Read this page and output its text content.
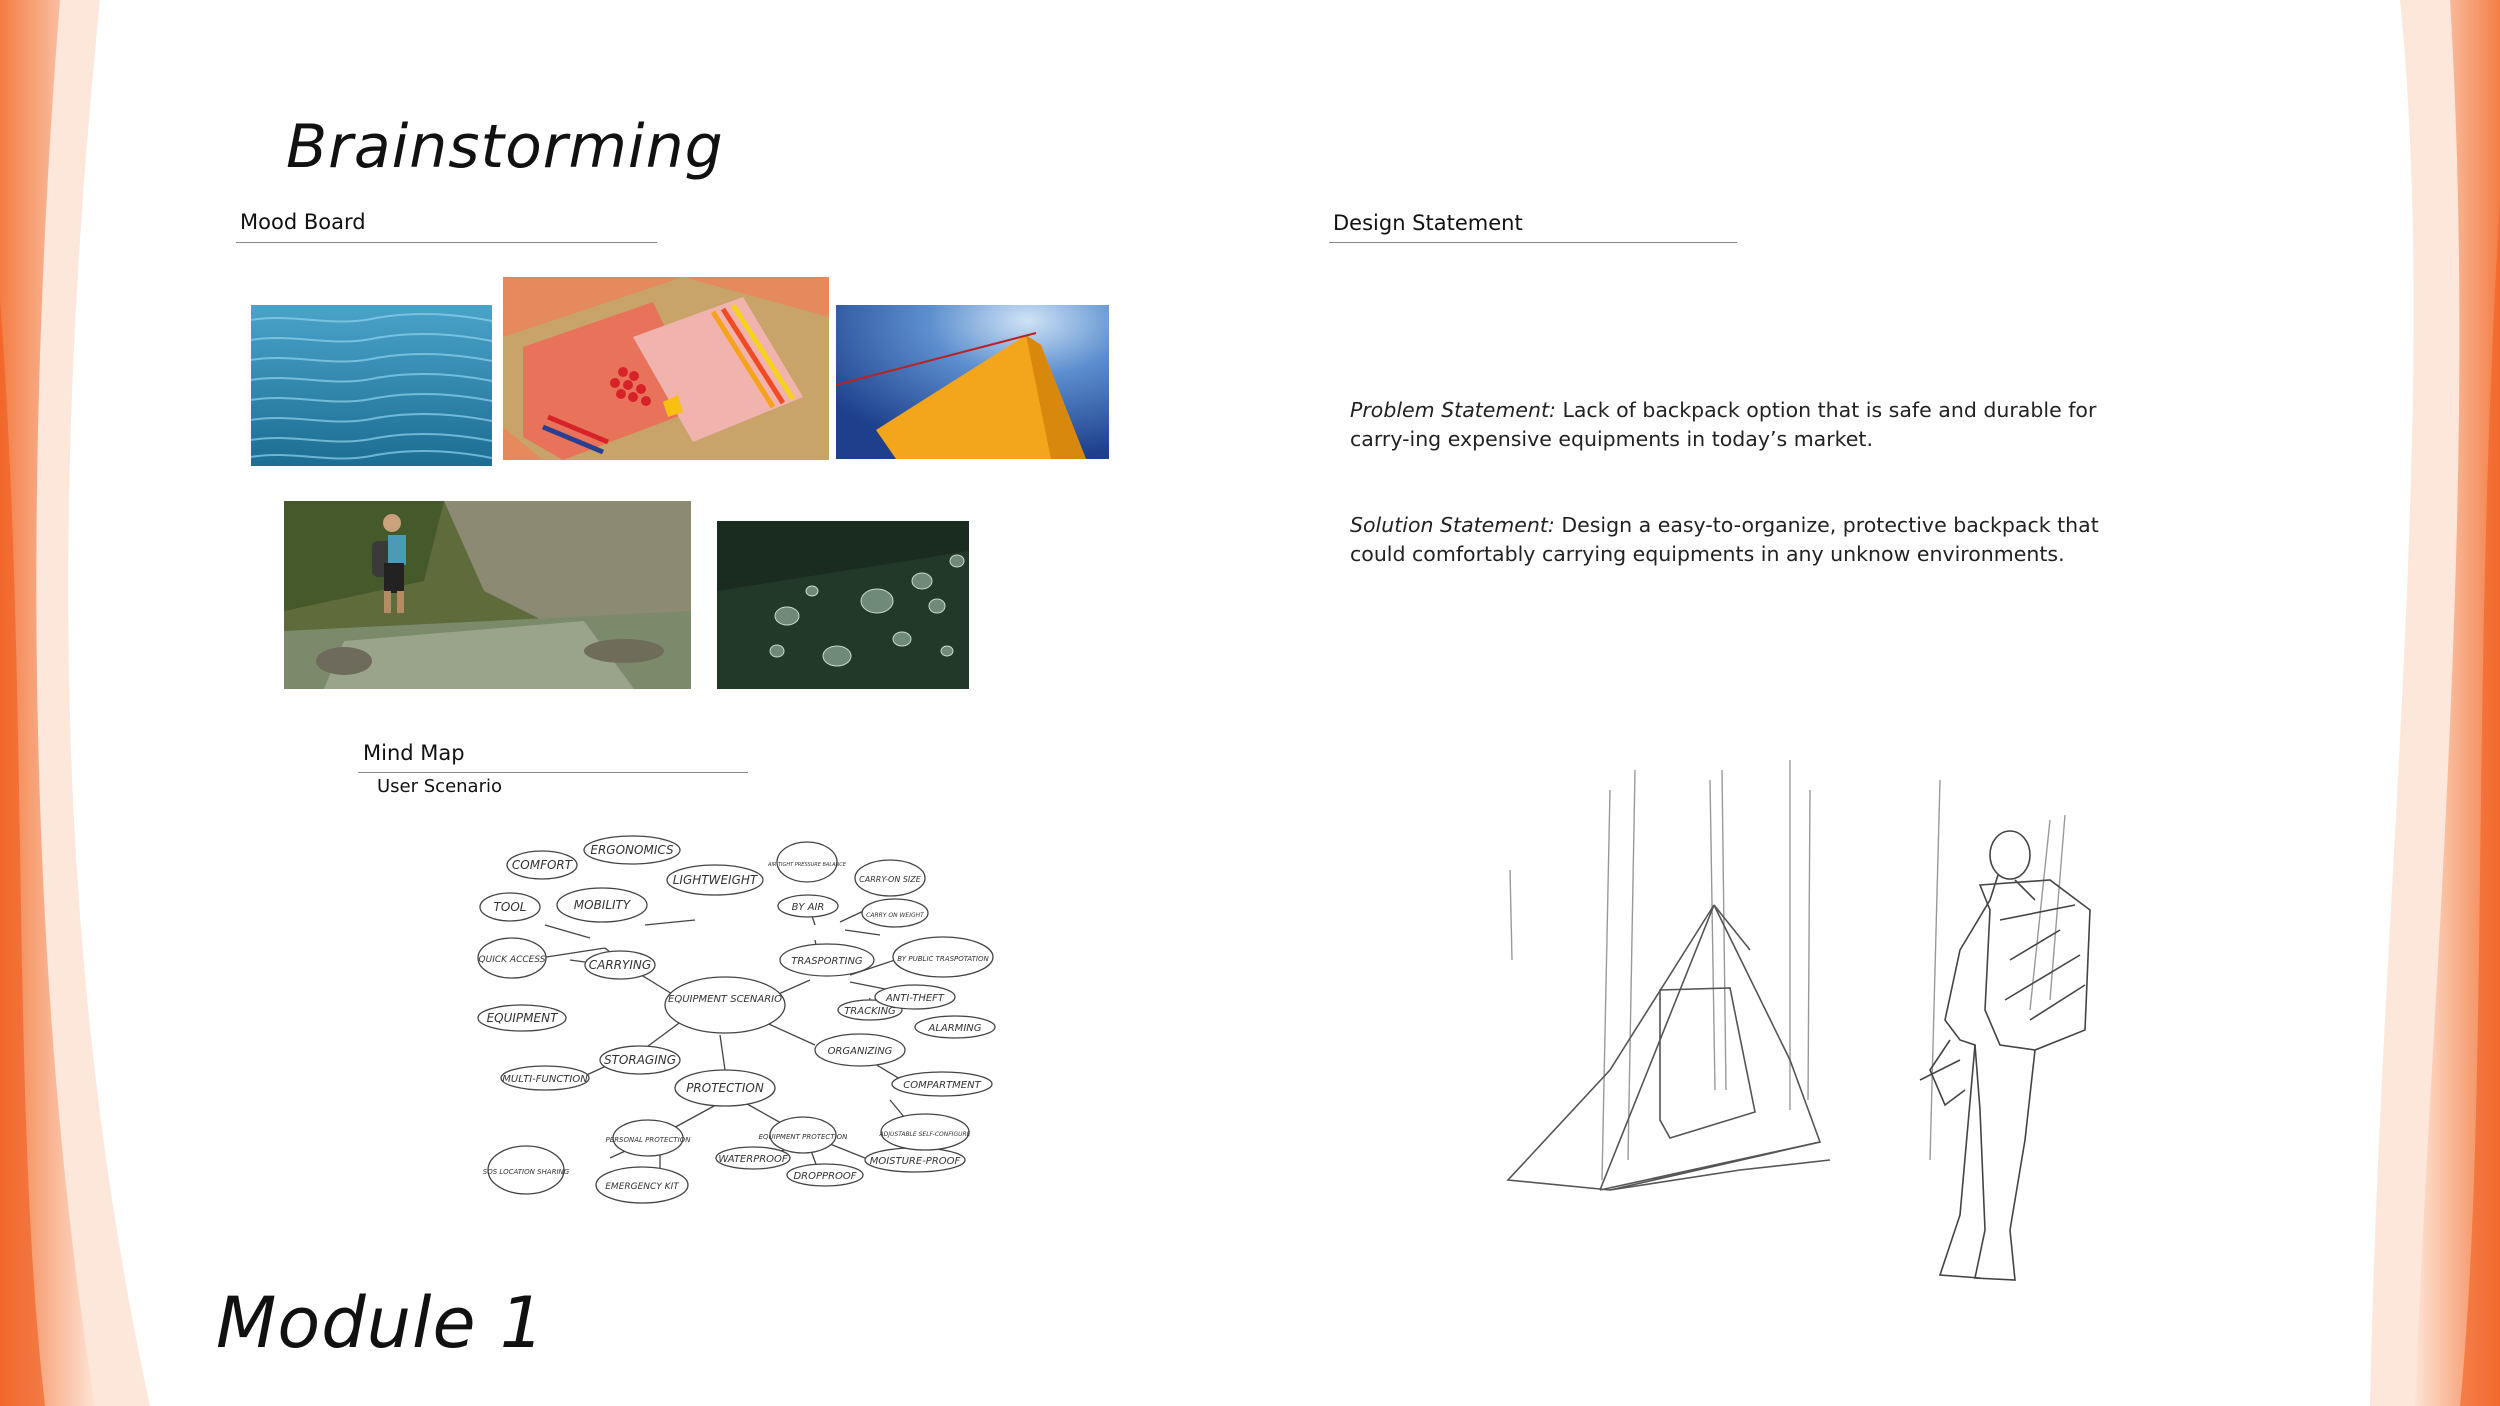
Brainstorming
Mood Board	Design Statement
Problem Statement: Lack of backpack option that is safe and durable for carry-ing expensive equipments in today’s market.
Solution Statement: Design a easy-to-organize, protective backpack that could comfortably carrying equipments in any unknow environments.
Mind Map
User Scenario
EQUIPMENT SCENARIO
COMFORT
ERGONOMICS
MOBILITY
LIGHTWEIGHT
TOOL
QUICK ACCESS	CARRYING
EQUIPMENT
STORAGING
MULTI-FUNCTION
PROTECTION
PERSONAL PROTECTION
SOS LOCATION SHARING
EMERGENCY KIT
EQUIPMENT PROTECTION
WATERPROOF
DROPPROOF
MOISTURE-PROOF
ADJUSTABLE SELF-CONFIGURE
COMPARTMENT
ORGANIZING
TRACKING
ALARMING
ANTI-THEFT
TRASPORTING	BY PUBLIC TRASPOTATION
BY AIR
AIR TIGHT PRESSURE BALANCE
CARRY-ON SIZE
CARRY ON WEIGHT
Module 1
